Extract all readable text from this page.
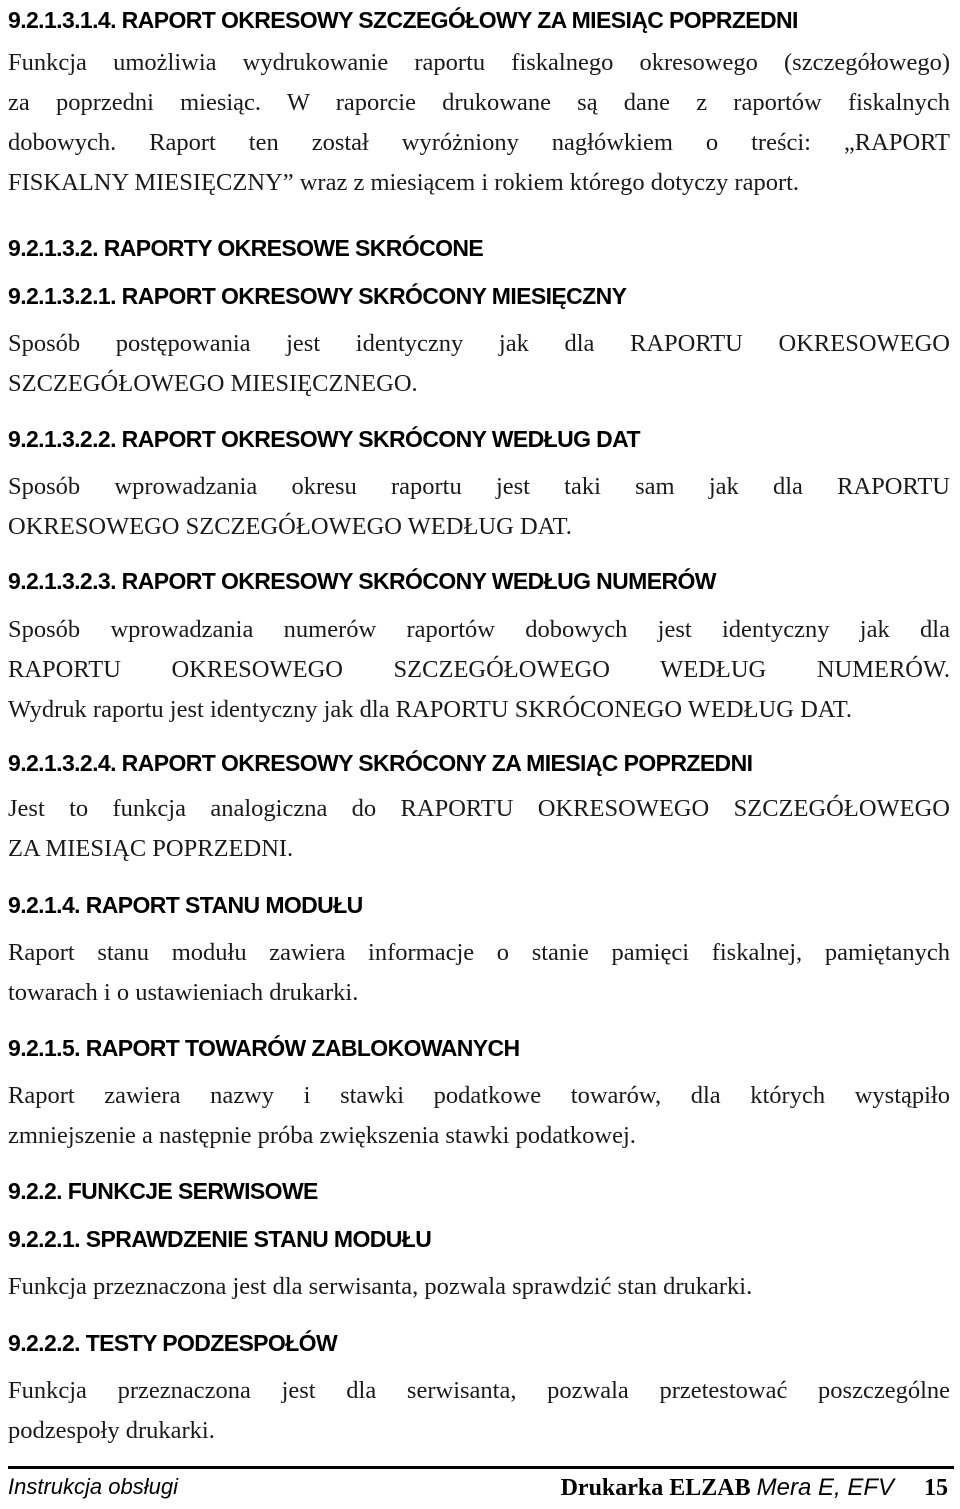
9.2.1.3.1.4. RAPORT OKRESOWY SZCZEGÓŁOWY ZA MIESIĄC POPRZEDNI
Funkcja umożliwia wydrukowanie raportu fiskalnego okresowego (szczegółowego)
za poprzedni miesiąc. W raporcie drukowane są dane z raportów fiskalnych
dobowych. Raport ten został wyróżniony nagłówkiem o treści: „RAPORT
FISKALNY MIESIĘCZNY” wraz z miesiącem i rokiem którego dotyczy raport.
9.2.1.3.2. RAPORTY OKRESOWE SKRÓCONE
9.2.1.3.2.1. RAPORT OKRESOWY SKRÓCONY MIESIĘCZNY
Sposób postępowania jest identyczny jak dla RAPORTU OKRESOWEGO
SZCZEGÓŁOWEGO MIESIĘCZNEGO.
9.2.1.3.2.2. RAPORT OKRESOWY SKRÓCONY WEDŁUG DAT
Sposób wprowadzania okresu raportu jest taki sam jak dla RAPORTU
OKRESOWEGO SZCZEGÓŁOWEGO WEDŁUG DAT.
9.2.1.3.2.3. RAPORT OKRESOWY SKRÓCONY WEDŁUG NUMERÓW
Sposób wprowadzania numerów raportów dobowych jest identyczny jak dla
RAPORTU OKRESOWEGO SZCZEGÓŁOWEGO WEDŁUG NUMERÓW.
Wydruk raportu jest identyczny jak dla RAPORTU SKRÓCONEGO WEDŁUG DAT.
9.2.1.3.2.4. RAPORT OKRESOWY SKRÓCONY ZA MIESIĄC POPRZEDNI
Jest to funkcja analogiczna do RAPORTU OKRESOWEGO SZCZEGÓŁOWEGO
ZA MIESIĄC POPRZEDNI.
9.2.1.4. RAPORT STANU MODUŁU
Raport stanu modułu zawiera informacje o stanie pamięci fiskalnej, pamiętanych
towarach i o ustawieniach drukarki.
9.2.1.5. RAPORT TOWARÓW ZABLOKOWANYCH
Raport zawiera nazwy i stawki podatkowe towarów, dla których wystąpiło
zmniejszenie a następnie próba zwiększenia stawki podatkowej.
9.2.2. FUNKCJE SERWISOWE
9.2.2.1. SPRAWDZENIE STANU MODUŁU
Funkcja przeznaczona jest dla serwisanta, pozwala sprawdzić stan drukarki.
9.2.2.2. TESTY PODZESPOŁÓW
Funkcja przeznaczona jest dla serwisanta, pozwala przetestować poszczególne
podzespoły drukarki.
Instrukcja obsługi	Drukarka ELZAB Mera E, EFV 15
